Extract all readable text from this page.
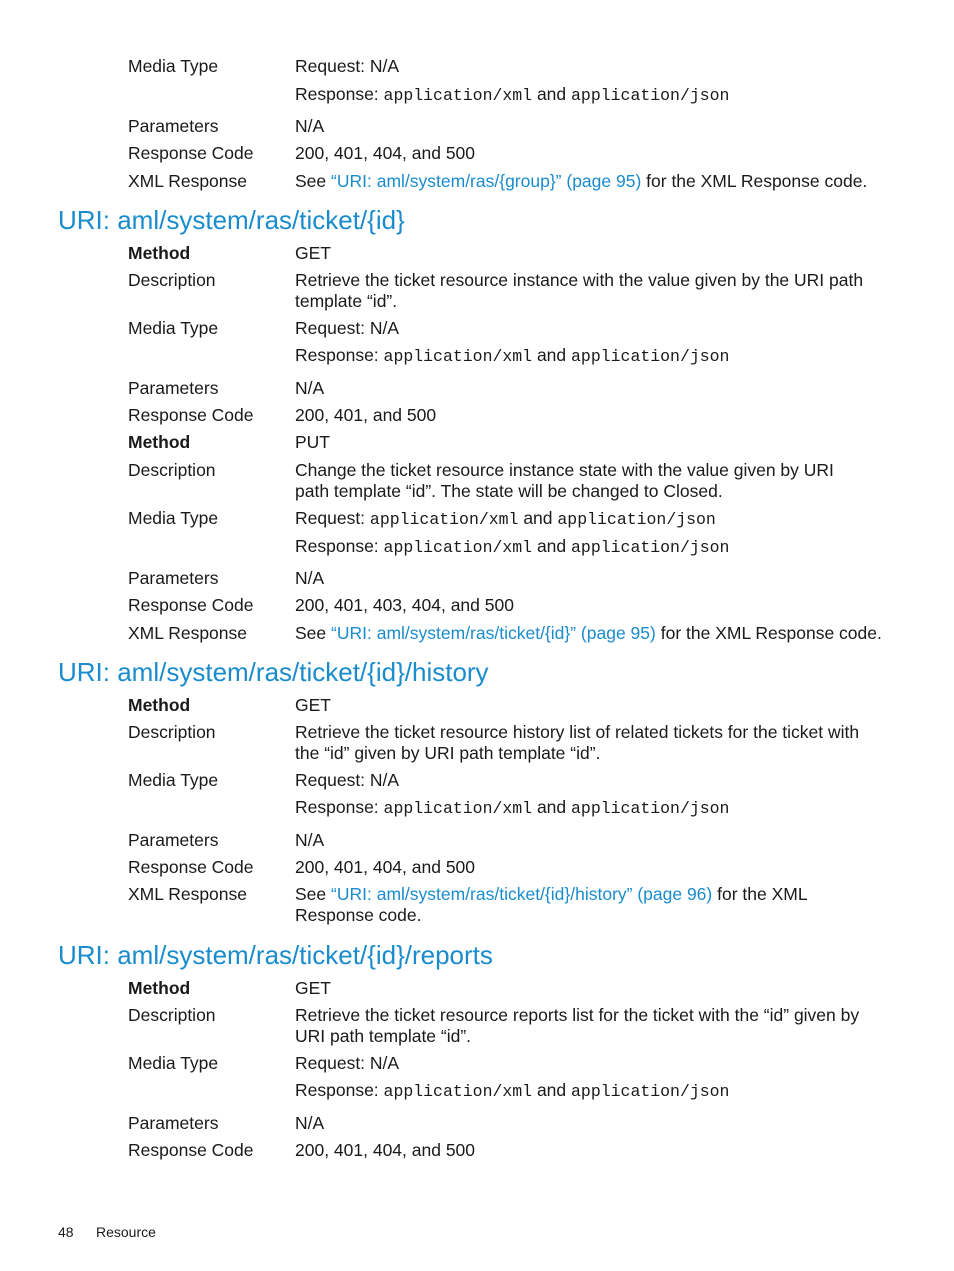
Media Type	Request: N/A
Response: application/xml and application/json
Parameters	N/A
Response Code	200, 401, 404, and 500
XML Response	See “URI: aml/system/ras/{group}” (page 95) for the XML Response code.
URI: aml/system/ras/ticket/{id}
Method	GET
Description	Retrieve the ticket resource instance with the value given by the URI path template “id”.
Media Type	Request: N/A
Response: application/xml and application/json
Parameters	N/A
Response Code	200, 401, and 500
Method	PUT
Description	Change the ticket resource instance state with the value given by URI path template “id”. The state will be changed to Closed.
Media Type	Request: application/xml and application/json
Response: application/xml and application/json
Parameters	N/A
Response Code	200, 401, 403, 404, and 500
XML Response	See “URI: aml/system/ras/ticket/{id}” (page 95) for the XML Response code.
URI: aml/system/ras/ticket/{id}/history
Method	GET
Description	Retrieve the ticket resource history list of related tickets for the ticket with the “id” given by URI path template “id”.
Media Type	Request: N/A
Response: application/xml and application/json
Parameters	N/A
Response Code	200, 401, 404, and 500
XML Response	See “URI: aml/system/ras/ticket/{id}/history” (page 96) for the XML Response code.
URI: aml/system/ras/ticket/{id}/reports
Method	GET
Description	Retrieve the ticket resource reports list for the ticket with the “id” given by URI path template “id”.
Media Type	Request: N/A
Response: application/xml and application/json
Parameters	N/A
Response Code	200, 401, 404, and 500
48 Resource
